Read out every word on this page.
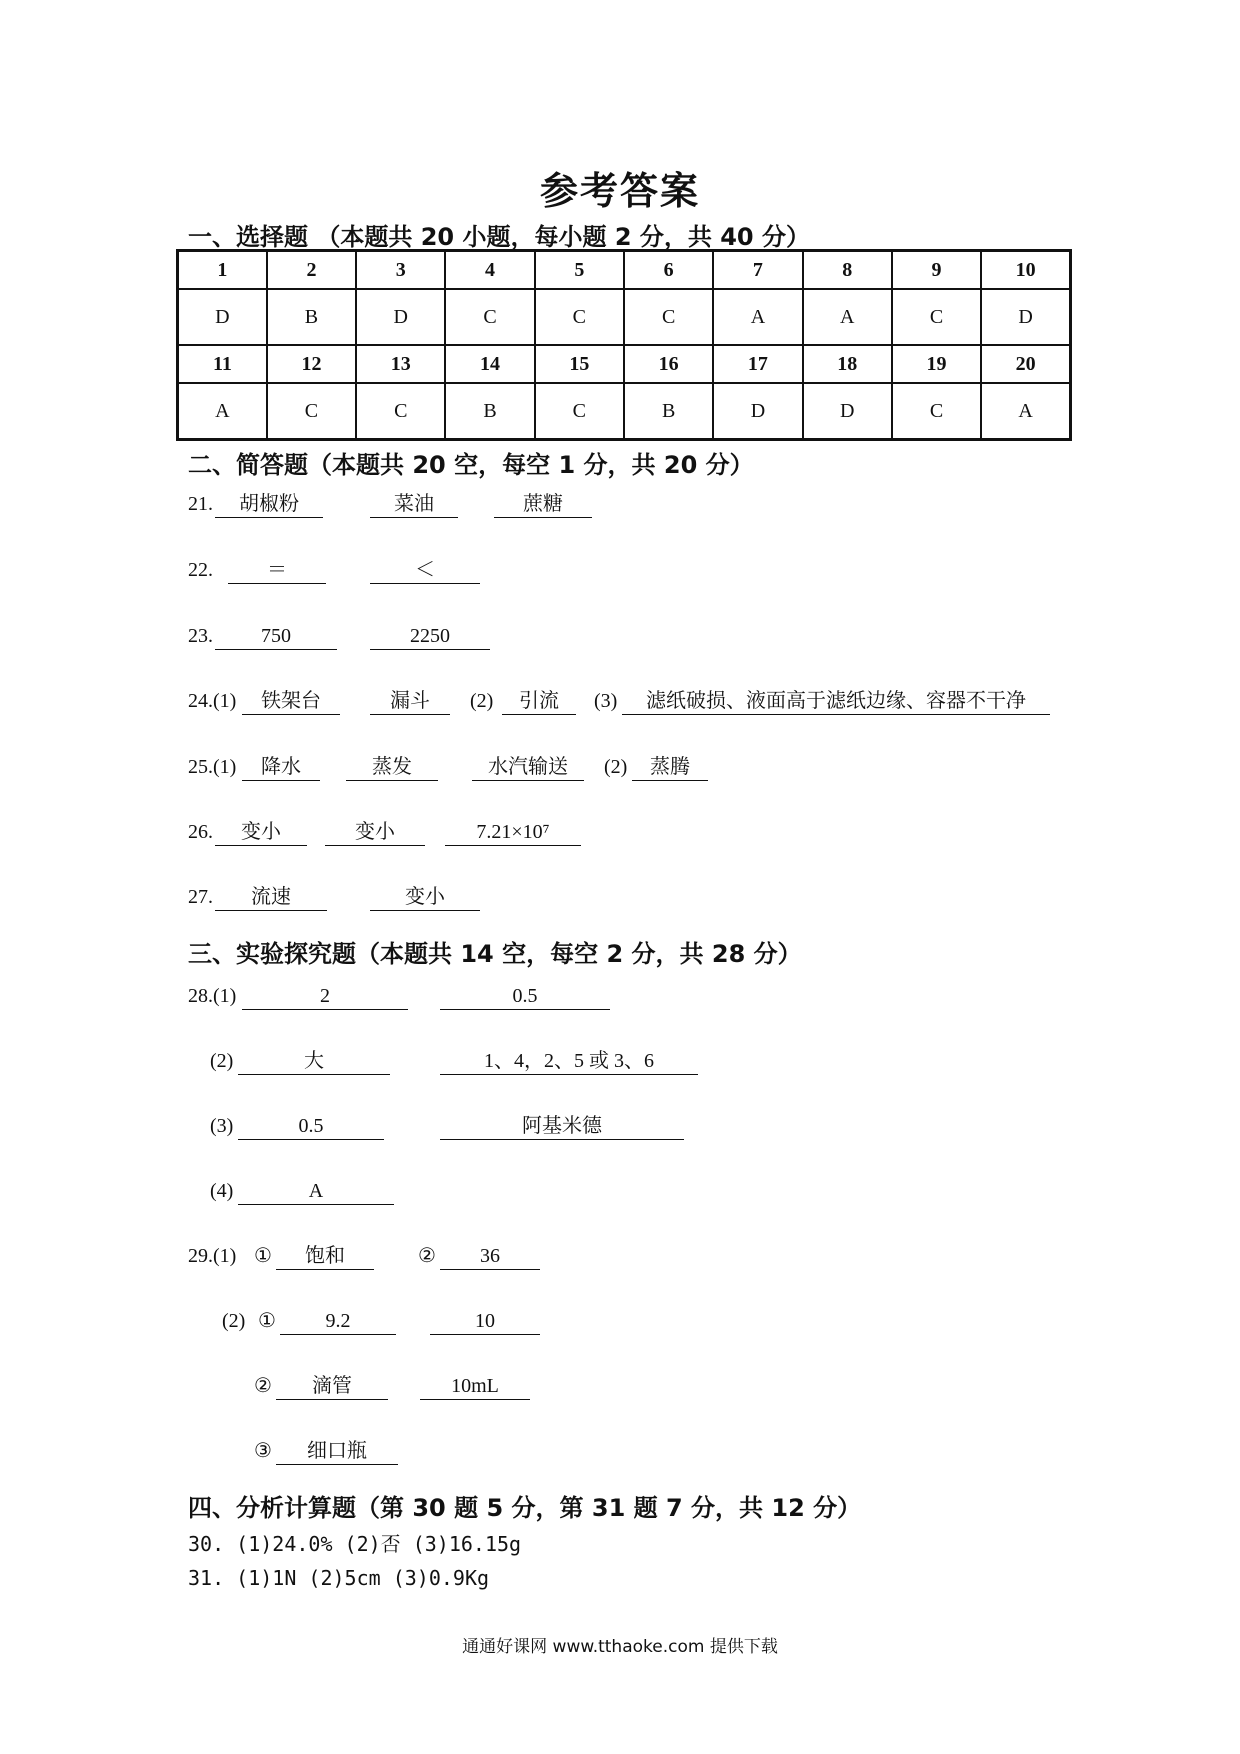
参考答案
一、选择题 （本题共 20 小题，每小题 2 分，共 40 分）
1	2	3	4	5	6	7	8	9	10
D	B	D	C	C	C	A	A	C	D
11	12	13	14	15	16	17	18	19	20
A	C	C	B	C	B	D	D	C	A
二、简答题（本题共 20 空，每空 1 分，共 20 分）
21.	胡椒粉	菜油	蔗糖
22.	＝	＜
23.	750	2250
24.(1)	铁架台	漏斗	(2)	引流	(3)	滤纸破损、液面高于滤纸边缘、容器不干净
25.(1)	降水	蒸发	水汽输送	(2)	蒸腾
26.	变小	变小	7.21×10⁷
27.	流速	变小
三、实验探究题（本题共 14 空，每空 2 分，共 28 分）
28.(1)	2	0.5
(2)	大	1、4，2、5 或 3、6
(3)	0.5	阿基米德
(4)	A
29.(1) ①	饱和	②	36
(2) ①	9.2	10
②	滴管	10mL
③	细口瓶
四、分析计算题（第 30 题 5 分，第 31 题 7 分，共 12 分）
30. (1)24.0% (2)否 (3)16.15g
31. (1)1N (2)5cm (3)0.9Kg
通通好课网 www.tthaoke.com 提供下载
